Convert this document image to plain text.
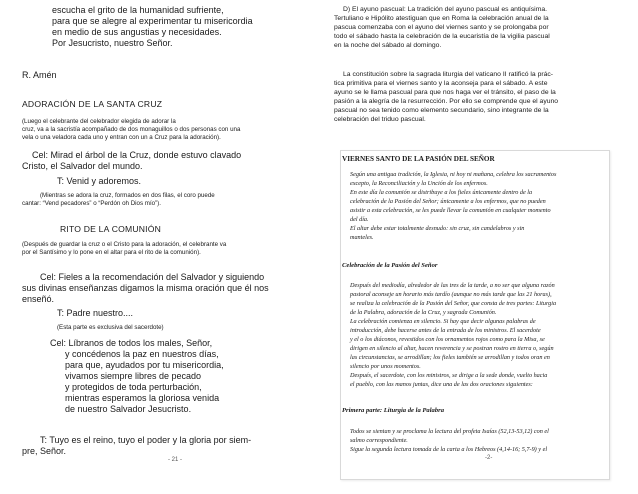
escucha el grito de la humanidad sufriente,

para que se alegre al experimentar tu misericordia

en medio de sus angustias y necesidades.

Por Jesucristo, nuestro Señor.

R. Amén

ADORACIÓN DE LA SANTA CRUZ

(Luego el celebrante del celebrador elegida de adorar la

cruz, va a la sacristía acompañado de dos monaguillos o dos personas con una

vela o una veladora cada uno y entran con un a Cruz para la adoración).

Cel: Mirad el árbol de la Cruz, donde estuvo clavado

Cristo, el Salvador del mundo.

T: Venid y adoremos.

(Mientras se adora la cruz, formados en dos filas, el coro puede

cantar: “Vend pecadores” o “Perdón oh Dios mío”).

RITO DE LA COMUNIÓN

(Después de guardar la cruz o el Cristo para la adoración, el celebrante va

por el Santísimo y lo pone en el altar para el rito de la comunión).

Cel: Fieles a la recomendación del Salvador y siguiendo

sus divinas enseñanzas digamos la misma oración que él nos

enseñó.

T: Padre nuestro....

(Esta parte es exclusiva del sacerdote)

Cel: Líbranos de todos los males, Señor,

y concédenos la paz en nuestros días,

para que, ayudados por tu misericordia,

vivamos siempre libres de pecado

y protegidos de toda perturbación,

mientras esperamos la gloriosa venida

de nuestro Salvador Jesucristo.

T: Tuyo es el reino, tuyo el poder y la gloria por siem-

pre, Señor.

- 21 -

D) El ayuno pascual: La tradición del ayuno pascual es antiquísima.

Tertuliano e Hipólito atestiguan que en Roma la celebración anual de la

pascua comenzaba con el ayuno del viernes santo y se prolongaba por

todo el sábado hasta la celebración de la eucaristía de la vigilia pascual

en la noche del sábado al domingo.

La constitución sobre la sagrada liturgia del vaticano II ratificó la prác-

tica primitiva para el viernes santo y la aconseja para el sábado. A este

ayuno se le llama pascual para que nos haga ver el tránsito, el paso de la

pasión a la alegría de la resurrección. Por ello se comprende que el ayuno

pascual no sea tenido como elemento secundario, sino integrante de la

celebración del triduo pascual.

VIERNES SANTO DE LA PASIÓN DEL SEÑOR

Según una antigua tradición, la Iglesia, ni hoy ni mañana, celebra los sacramentos

excepto, la Reconciliación y la Unción de los enfermos.

En este día la comunión se distribuye a los fieles únicamente dentro de la

celebración de la Pasión del Señor; únicamente a los enfermos, que no pueden

asistir a esta celebración, se les puede llevar la comunión en cualquier momento

del día.

El altar debe estar totalmente desnudo: sin cruz, sin candelabros y sin

manteles.

Celebración de la Pasión del Señor

Después del mediodía, alrededor de las tres de la tarde, a no ser que alguna razón

pastoral aconseje un horario más tardío (aunque no más tarde que las 21 horas),

se realiza la celebración de la Pasión del Señor, que consta de tres partes: Liturgia

de la Palabra, adoración de la Cruz, y sagrada Comunión.

La celebración comienza en silencio. Si hay que decir algunas palabras de

introducción, debe hacerse antes de la entrada de los ministros. El sacerdote

y el o los diáconos, revestidos con los ornamentos rojos como para la Misa, se

dirigen en silencio al altar, hacen reverencia y se postran rostro en tierra o, según

las circunstancias, se arrodillan; los fieles también se arrodillan y todos oran en

silencio por unos momentos.

Después, el sacerdote, con los ministros, se dirige a la sede donde, vuelto hacia

el pueblo, con las manos juntas, dice una de las dos oraciones siguientes:

Primera parte: Liturgia de la Palabra

Todos se sientan y se proclama la lectura del profeta Isaías (52,13-53,12) con el

salmo correspondiente.

Sigue la segunda lectura tomada de la carta a los Hebreos (4,14-16; 5,7-9) y el

-2-
